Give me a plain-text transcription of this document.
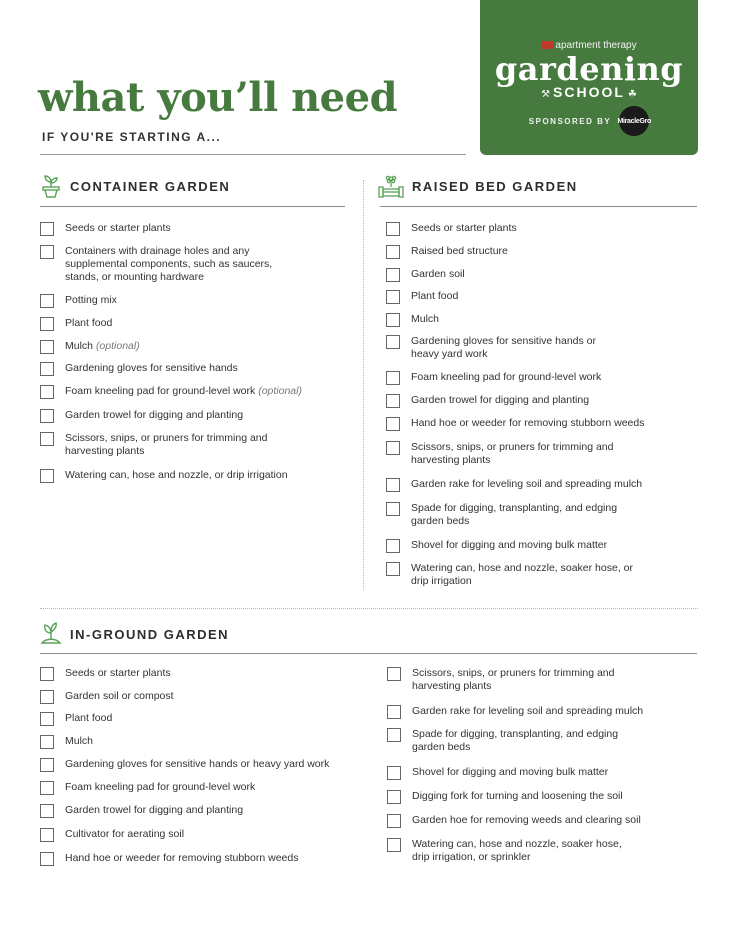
apartment therapy
gardening
⚒ SCHOOL ☘
SPONSORED BY MiracleGro
what you’ll need
IF YOU'RE STARTING A...
CONTAINER GARDEN	RAISED BED GARDEN
IN-GROUND GARDEN
Seeds or starter plants
Containers with drainage holes and any supplemental components, such as saucers, stands, or mounting hardware
Potting mix
Plant food
Mulch (optional)
Gardening gloves for sensitive hands
Foam kneeling pad for ground-level work (optional)
Garden trowel for digging and planting
Scissors, snips, or pruners for trimming and harvesting plants
Watering can, hose and nozzle, or drip irrigation
Seeds or starter plants
Raised bed structure
Garden soil
Plant food
Mulch
Gardening gloves for sensitive hands or heavy yard work
Foam kneeling pad for ground-level work
Garden trowel for digging and planting
Hand hoe or weeder for removing stubborn weeds
Scissors, snips, or pruners for trimming and harvesting plants
Garden rake for leveling soil and spreading mulch
Spade for digging, transplanting, and edging garden beds
Shovel for digging and moving bulk matter
Watering can, hose and nozzle, soaker hose, or drip irrigation
Seeds or starter plants
Garden soil or compost
Plant food
Mulch
Gardening gloves for sensitive hands or heavy yard work
Foam kneeling pad for ground-level work
Garden trowel for digging and planting
Cultivator for aerating soil
Hand hoe or weeder for removing stubborn weeds
Scissors, snips, or pruners for trimming and harvesting plants
Garden rake for leveling soil and spreading mulch
Spade for digging, transplanting, and edging garden beds
Shovel for digging and moving bulk matter
Digging fork for turning and loosening the soil
Garden hoe for removing weeds and clearing soil
Watering can, hose and nozzle, soaker hose, drip irrigation, or sprinkler
